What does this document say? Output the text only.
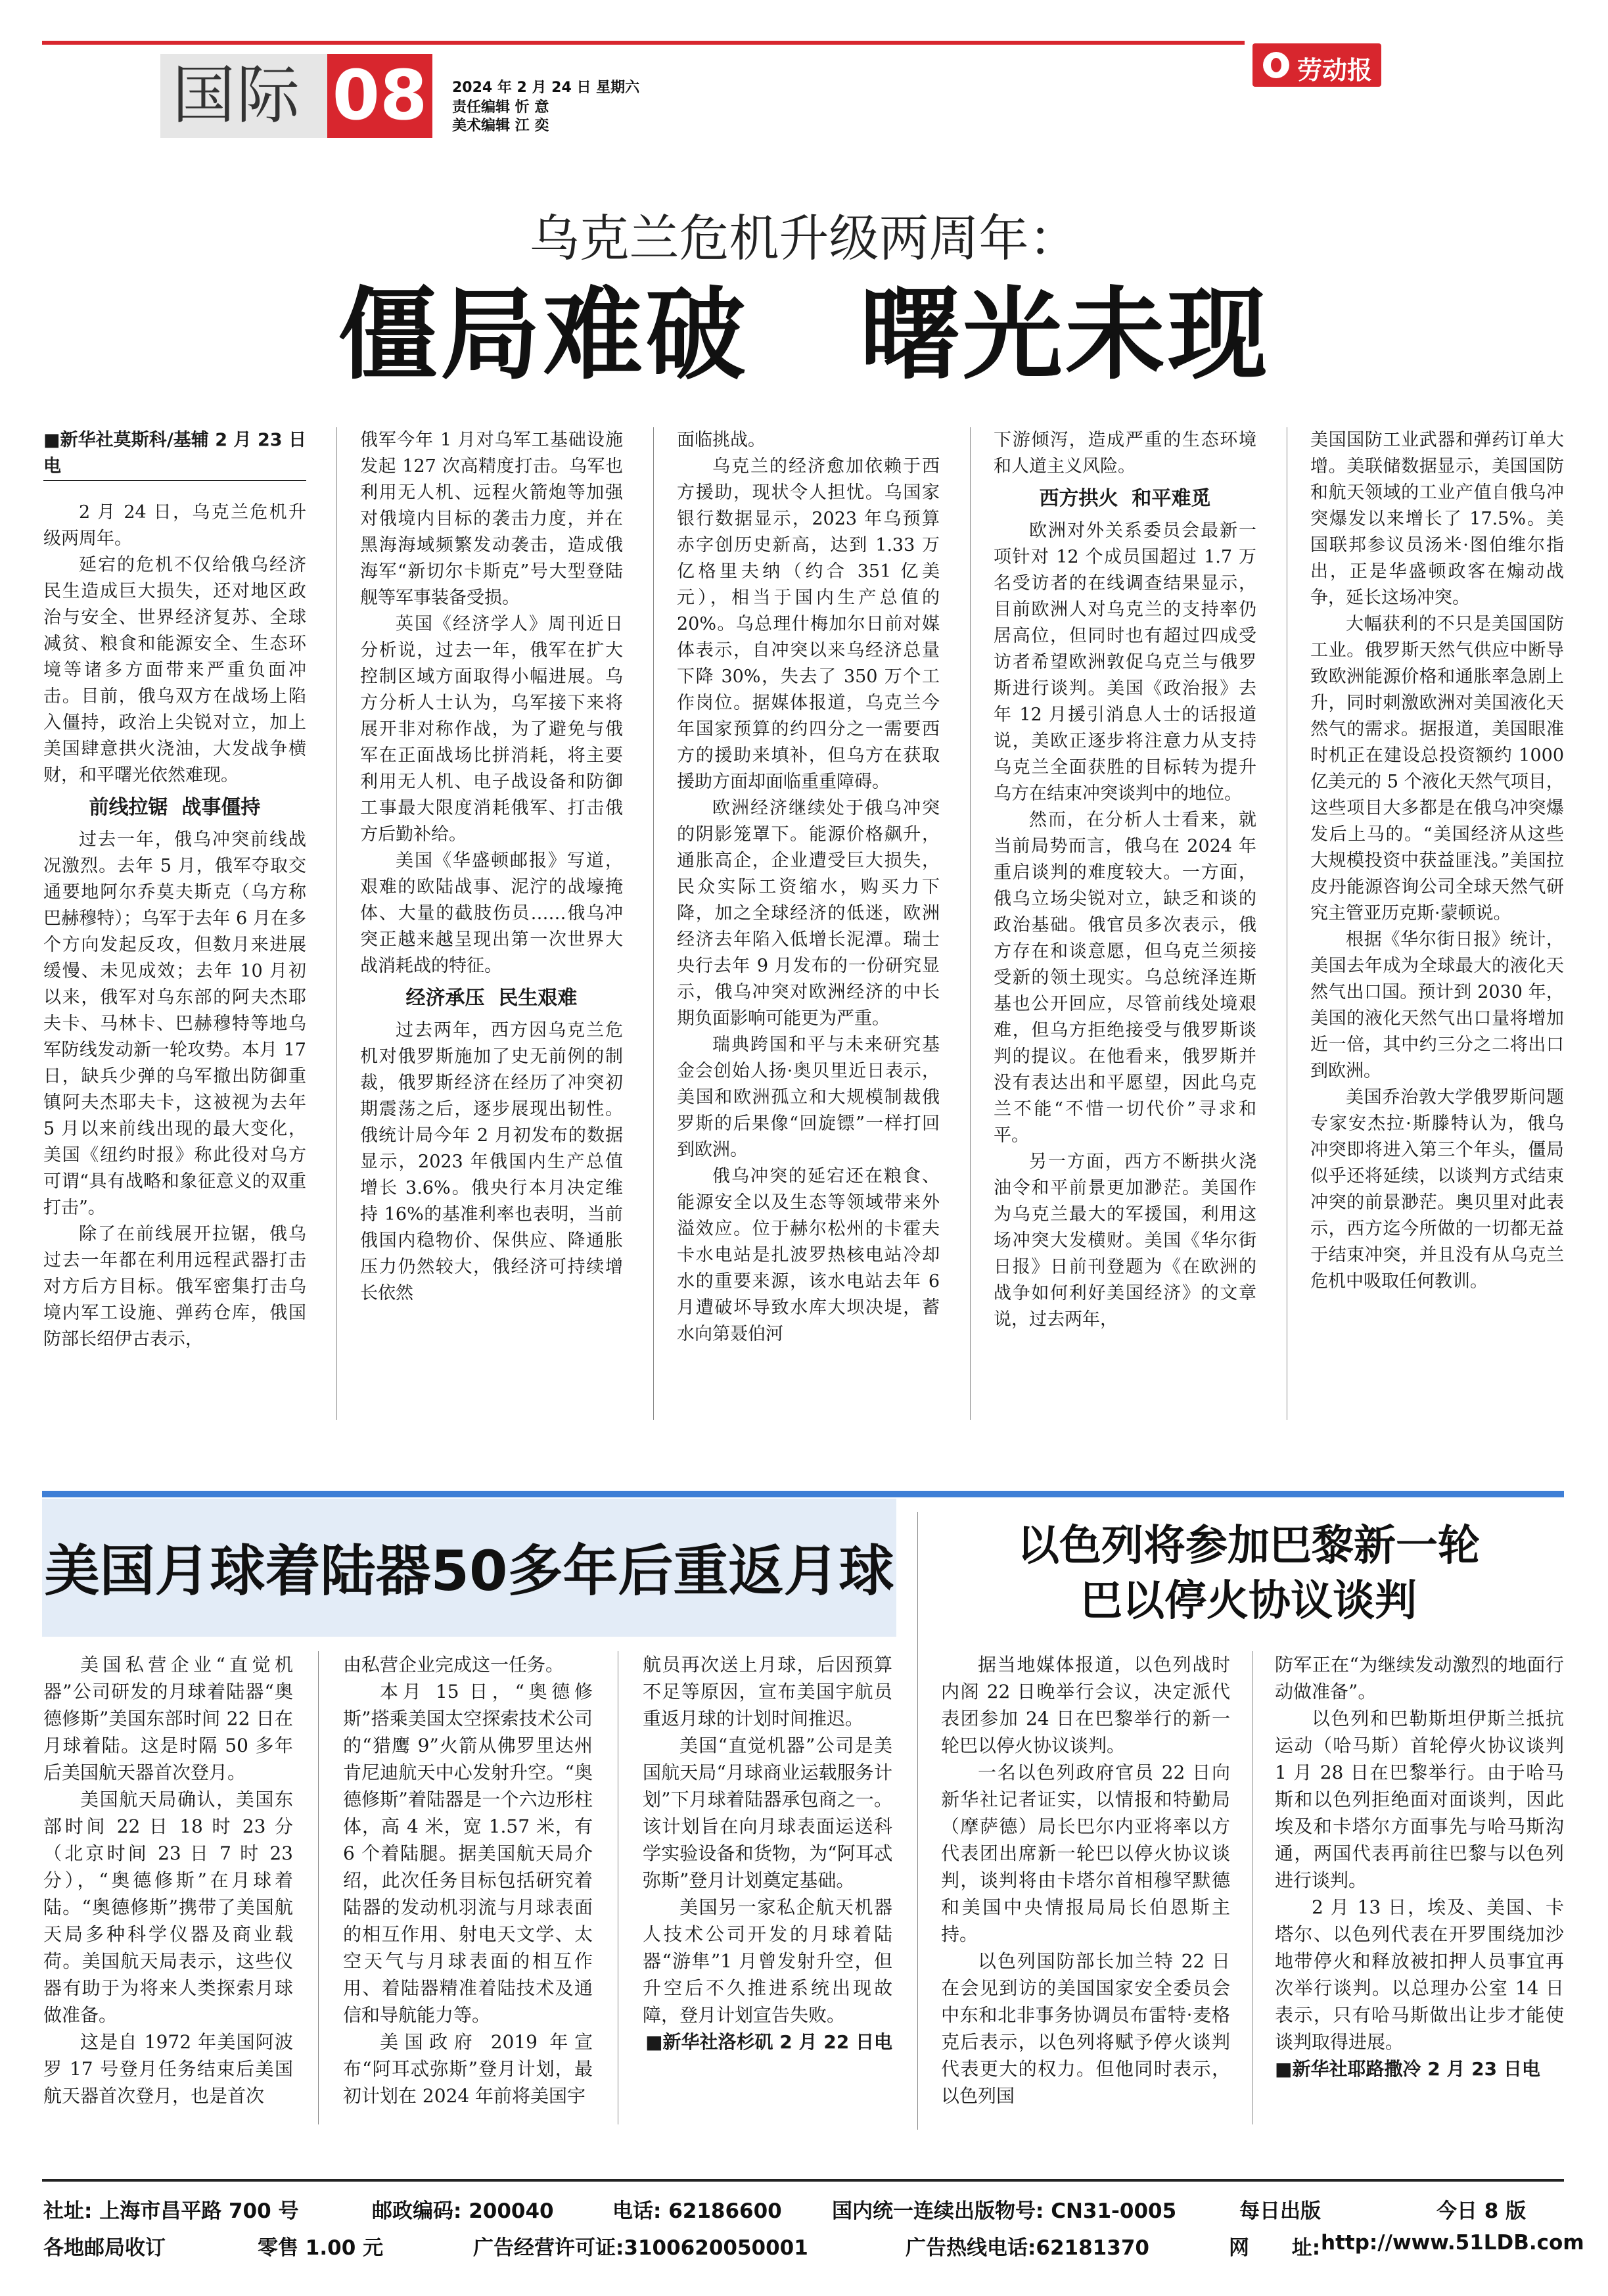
国际 08 2024 年 2 月 24 日 星期六
责任编辑 忻 意
美术编辑 江 奕
劳动报
乌克兰危机升级两周年：
僵局难破   曙光未现

■新华社莫斯科/基辅 2 月 23 日电

2 月 24 日，乌克兰危机升级两周年。

延宕的危机不仅给俄乌经济民生造成巨大损失，还对地区政治与安全、世界经济复苏、全球减贫、粮食和能源安全、生态环境等诸多方面带来严重负面冲击。目前，俄乌双方在战场上陷入僵持，政治上尖锐对立，加上美国肆意拱火浇油，大发战争横财，和平曙光依然难现。

前线拉锯  战事僵持

过去一年，俄乌冲突前线战况激烈。去年 5 月，俄军夺取交通要地阿尔乔莫夫斯克（乌方称巴赫穆特）；乌军于去年 6 月在多个方向发起反攻，但数月来进展缓慢、未见成效；去年 10 月初以来，俄军对乌东部的阿夫杰耶夫卡、马林卡、巴赫穆特等地乌军防线发动新一轮攻势。本月 17 日，缺兵少弹的乌军撤出防御重镇阿夫杰耶夫卡，这被视为去年 5 月以来前线出现的最大变化，美国《纽约时报》称此役对乌方可谓“具有战略和象征意义的双重打击”。

除了在前线展开拉锯，俄乌过去一年都在利用远程武器打击对方后方目标。俄军密集打击乌境内军工设施、弹药仓库，俄国防部长绍伊古表示，

俄军今年 1 月对乌军工基础设施发起 127 次高精度打击。乌军也利用无人机、远程火箭炮等加强对俄境内目标的袭击力度，并在黑海海域频繁发动袭击，造成俄海军“新切尔卡斯克”号大型登陆舰等军事装备受损。

英国《经济学人》周刊近日分析说，过去一年，俄军在扩大控制区域方面取得小幅进展。乌方分析人士认为，乌军接下来将展开非对称作战，为了避免与俄军在正面战场比拼消耗，将主要利用无人机、电子战设备和防御工事最大限度消耗俄军、打击俄方后勤补给。

美国《华盛顿邮报》写道，艰难的欧陆战事、泥泞的战壕掩体、大量的截肢伤员……俄乌冲突正越来越呈现出第一次世界大战消耗战的特征。

经济承压  民生艰难

过去两年，西方因乌克兰危机对俄罗斯施加了史无前例的制裁，俄罗斯经济在经历了冲突初期震荡之后，逐步展现出韧性。俄统计局今年 2 月初发布的数据显示，2023 年俄国内生产总值增长 3.6%。俄央行本月决定维持 16%的基准利率也表明，当前俄国内稳物价、保供应、降通胀压力仍然较大，俄经济可持续增长依然

面临挑战。

乌克兰的经济愈加依赖于西方援助，现状令人担忧。乌国家银行数据显示，2023 年乌预算赤字创历史新高，达到 1.33 万亿格里夫纳（约合 351 亿美元），相当于国内生产总值的 20%。乌总理什梅加尔日前对媒体表示，自冲突以来乌经济总量下降 30%，失去了 350 万个工作岗位。据媒体报道，乌克兰今年国家预算的约四分之一需要西方的援助来填补，但乌方在获取援助方面却面临重重障碍。

欧洲经济继续处于俄乌冲突的阴影笼罩下。能源价格飙升，通胀高企，企业遭受巨大损失，民众实际工资缩水，购买力下降，加之全球经济的低迷，欧洲经济去年陷入低增长泥潭。瑞士央行去年 9 月发布的一份研究显示，俄乌冲突对欧洲经济的中长期负面影响可能更为严重。

瑞典跨国和平与未来研究基金会创始人扬·奥贝里近日表示，美国和欧洲孤立和大规模制裁俄罗斯的后果像“回旋镖”一样打回到欧洲。

俄乌冲突的延宕还在粮食、能源安全以及生态等领域带来外溢效应。位于赫尔松州的卡霍夫卡水电站是扎波罗热核电站冷却水的重要来源，该水电站去年 6 月遭破坏导致水库大坝决堤，蓄水向第聂伯河

下游倾泻，造成严重的生态环境和人道主义风险。

西方拱火  和平难觅

欧洲对外关系委员会最新一项针对 12 个成员国超过 1.7 万名受访者的在线调查结果显示，目前欧洲人对乌克兰的支持率仍居高位，但同时也有超过四成受访者希望欧洲敦促乌克兰与俄罗斯进行谈判。美国《政治报》去年 12 月援引消息人士的话报道说，美欧正逐步将注意力从支持乌克兰全面获胜的目标转为提升乌方在结束冲突谈判中的地位。

然而，在分析人士看来，就当前局势而言，俄乌在 2024 年重启谈判的难度较大。一方面，俄乌立场尖锐对立，缺乏和谈的政治基础。俄官员多次表示，俄方存在和谈意愿，但乌克兰须接受新的领土现实。乌总统泽连斯基也公开回应，尽管前线处境艰难，但乌方拒绝接受与俄罗斯谈判的提议。在他看来，俄罗斯并没有表达出和平愿望，因此乌克兰不能“不惜一切代价”寻求和平。

另一方面，西方不断拱火浇油令和平前景更加渺茫。美国作为乌克兰最大的军援国，利用这场冲突大发横财。美国《华尔街日报》日前刊登题为《在欧洲的战争如何利好美国经济》的文章说，过去两年，

美国国防工业武器和弹药订单大增。美联储数据显示，美国国防和航天领域的工业产值自俄乌冲突爆发以来增长了 17.5%。美国联邦参议员汤米·图伯维尔指出，正是华盛顿政客在煽动战争，延长这场冲突。

大幅获利的不只是美国国防工业。俄罗斯天然气供应中断导致欧洲能源价格和通胀率急剧上升，同时刺激欧洲对美国液化天然气的需求。据报道，美国眼准时机正在建设总投资额约 1000 亿美元的 5 个液化天然气项目，这些项目大多都是在俄乌冲突爆发后上马的。“美国经济从这些大规模投资中获益匪浅。”美国拉皮丹能源咨询公司全球天然气研究主管亚历克斯·蒙顿说。

根据《华尔街日报》统计，美国去年成为全球最大的液化天然气出口国。预计到 2030 年，美国的液化天然气出口量将增加近一倍，其中约三分之二将出口到欧洲。

美国乔治敦大学俄罗斯问题专家安杰拉·斯滕特认为，俄乌冲突即将进入第三个年头，僵局似乎还将延续，以谈判方式结束冲突的前景渺茫。奥贝里对此表示，西方迄今所做的一切都无益于结束冲突，并且没有从乌克兰危机中吸取任何教训。

美国月球着陆器50多年后重返月球

美国私营企业“直觉机器”公司研发的月球着陆器“奥德修斯”美国东部时间 22 日在月球着陆。这是时隔 50 多年后美国航天器首次登月。

美国航天局确认，美国东部时间 22 日 18 时 23 分（北京时间 23 日 7 时 23 分），“奥德修斯”在月球着陆。“奥德修斯”携带了美国航天局多种科学仪器及商业载荷。美国航天局表示，这些仪器有助于为将来人类探索月球做准备。

这是自 1972 年美国阿波罗 17 号登月任务结束后美国航天器首次登月，也是首次

由私营企业完成这一任务。

本月 15 日，“奥德修斯”搭乘美国太空探索技术公司的“猎鹰 9”火箭从佛罗里达州肯尼迪航天中心发射升空。“奥德修斯”着陆器是一个六边形柱体，高 4 米，宽 1.57 米，有 6 个着陆腿。据美国航天局介绍，此次任务目标包括研究着陆器的发动机羽流与月球表面的相互作用、射电天文学、太空天气与月球表面的相互作用、着陆器精准着陆技术及通信和导航能力等。

美国政府 2019 年宣布“阿耳忒弥斯”登月计划，最初计划在 2024 年前将美国宇

航员再次送上月球，后因预算不足等原因，宣布美国宇航员重返月球的计划时间推迟。

美国“直觉机器”公司是美国航天局“月球商业运载服务计划”下月球着陆器承包商之一。该计划旨在向月球表面运送科学实验设备和货物，为“阿耳忒弥斯”登月计划奠定基础。

美国另一家私企航天机器人技术公司开发的月球着陆器“游隼”1 月曾发射升空，但升空后不久推进系统出现故障，登月计划宣告失败。

■新华社洛杉矶 2 月 22 日电

以色列将参加巴黎新一轮
巴以停火协议谈判

据当地媒体报道，以色列战时内阁 22 日晚举行会议，决定派代表团参加 24 日在巴黎举行的新一轮巴以停火协议谈判。

一名以色列政府官员 22 日向新华社记者证实，以情报和特勤局（摩萨德）局长巴尔内亚将率以方代表团出席新一轮巴以停火协议谈判，谈判将由卡塔尔首相穆罕默德和美国中央情报局局长伯恩斯主持。

以色列国防部长加兰特 22 日在会见到访的美国国家安全委员会中东和北非事务协调员布雷特·麦格克后表示，以色列将赋予停火谈判代表更大的权力。但他同时表示，以色列国

防军正在“为继续发动激烈的地面行动做准备”。

以色列和巴勒斯坦伊斯兰抵抗运动（哈马斯）首轮停火协议谈判 1 月 28 日在巴黎举行。由于哈马斯和以色列拒绝面对面谈判，因此埃及和卡塔尔方面事先与哈马斯沟通，两国代表再前往巴黎与以色列进行谈判。

2 月 13 日，埃及、美国、卡塔尔、以色列代表在开罗围绕加沙地带停火和释放被扣押人员事宜再次举行谈判。以总理办公室 14 日表示，只有哈马斯做出让步才能使谈判取得进展。

■新华社耶路撒冷 2 月 23 日电

社址: 上海市昌平路 700 号	邮政编码: 200040	电话: 62186600 国内统一连续出版物号: CN31-0005	每日出版	今日 8 版
各地邮局收订	零售 1.00 元	广告经营许可证:3100620050001	广告热线电话:62181370	网      址: http://www.51LDB.com
